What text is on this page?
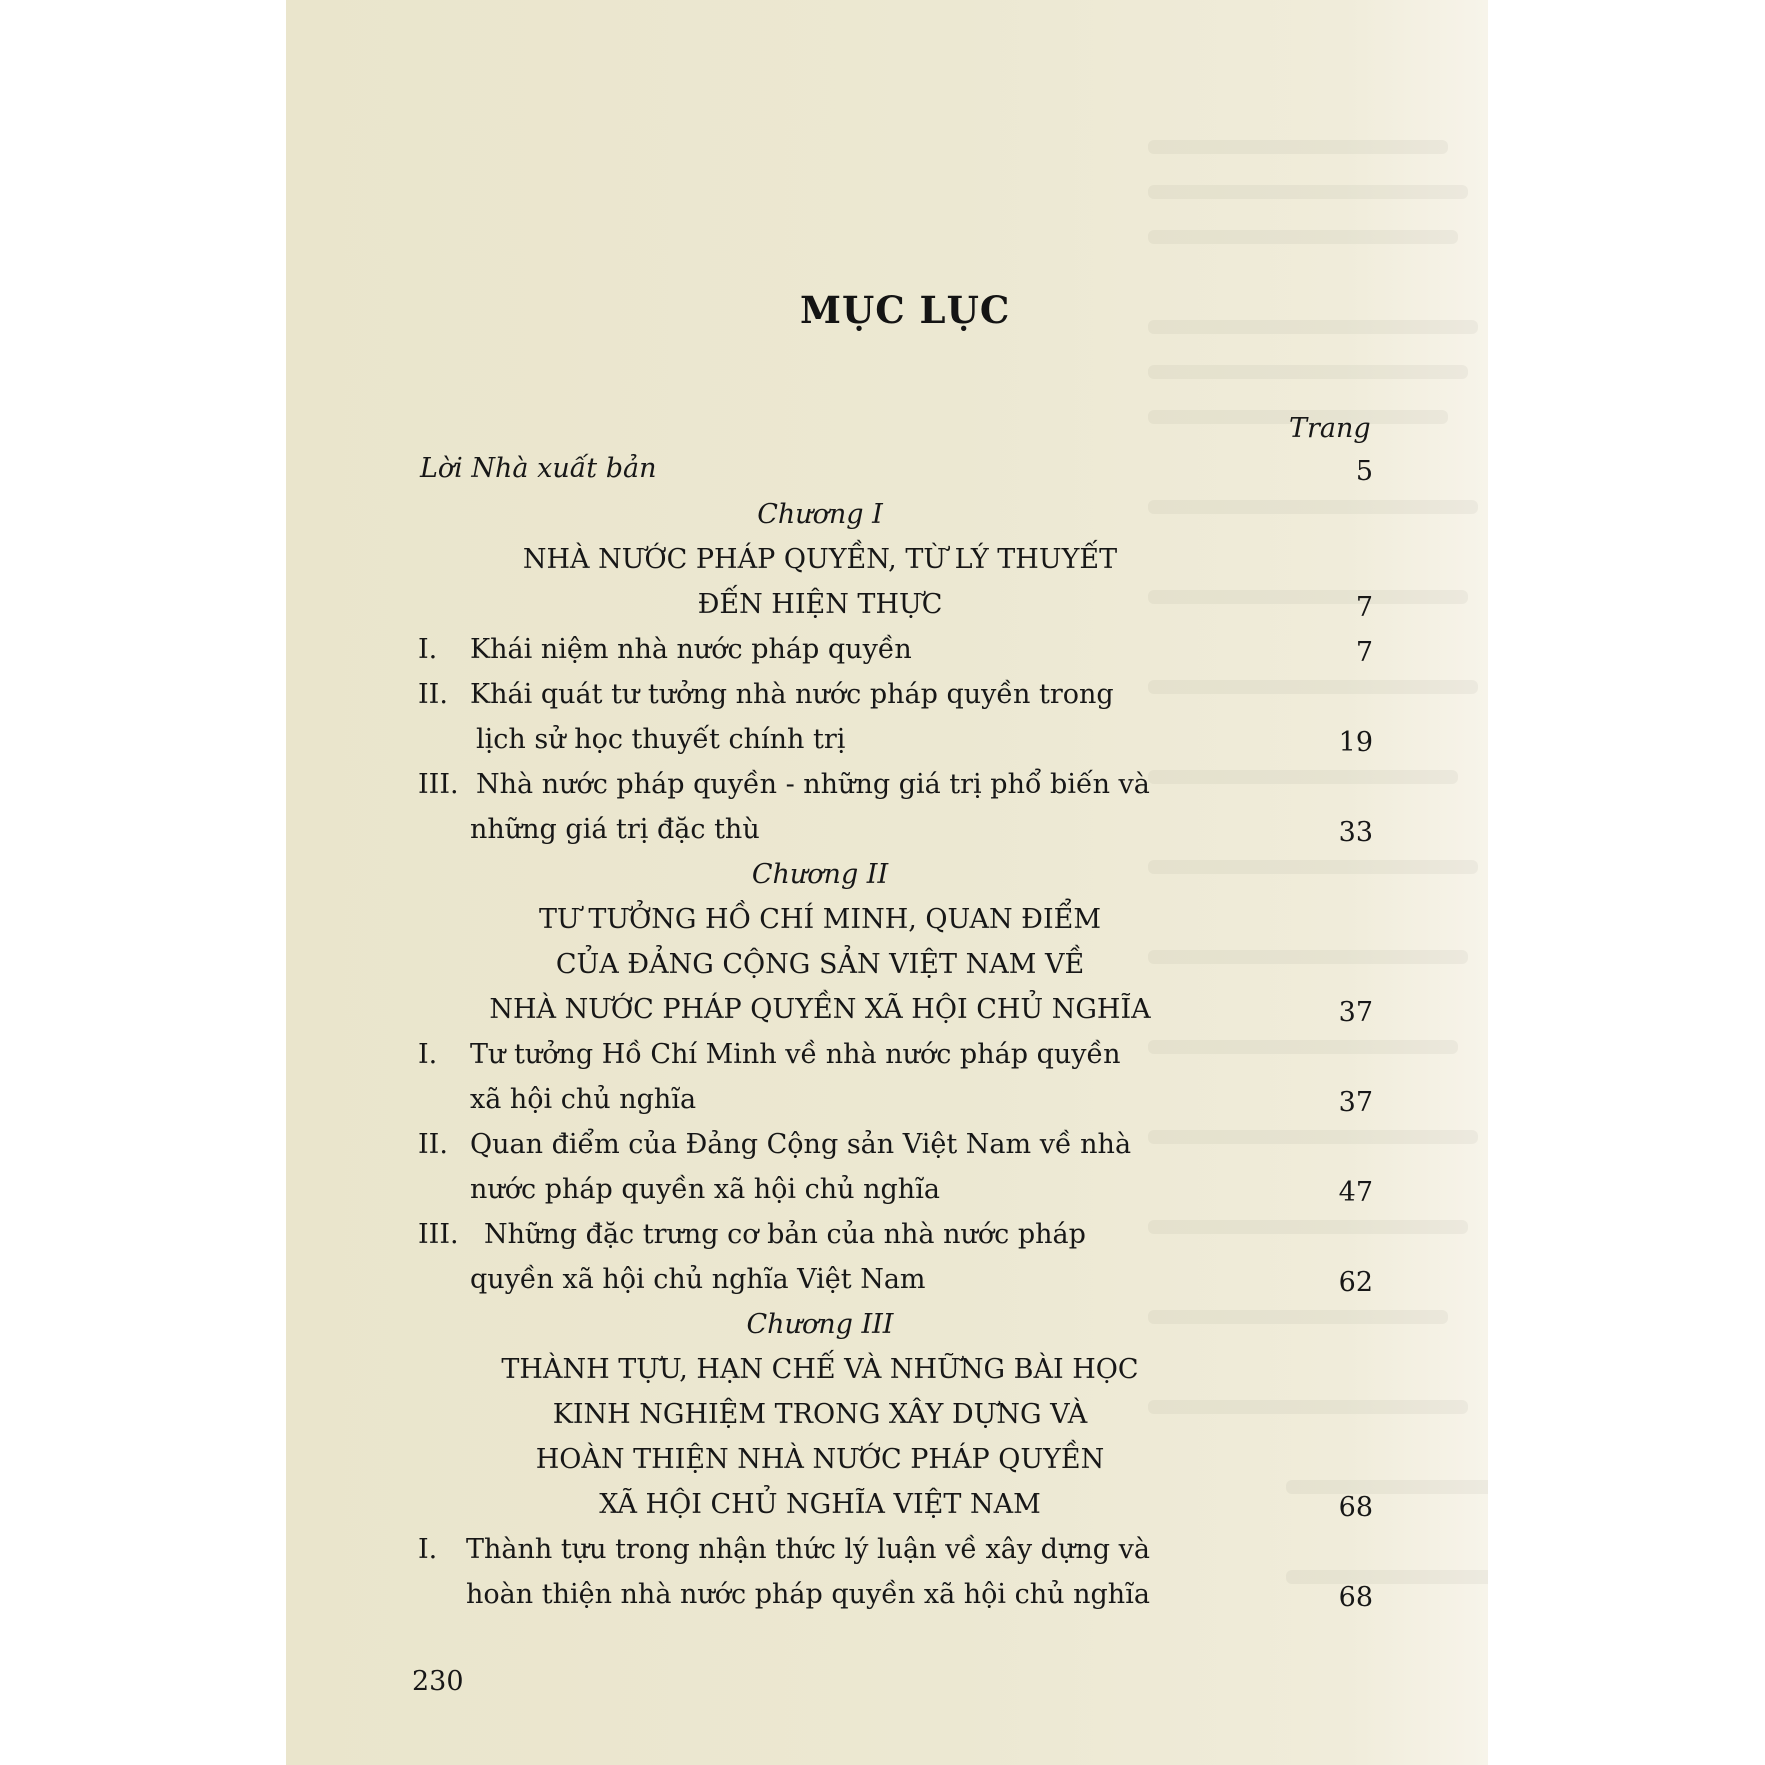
MỤC LỤC
Trang
Lời Nhà xuất bản	5
Chương I
NHÀ NƯỚC PHÁP QUYỀN, TỪ LÝ THUYẾT
ĐẾN HIỆN THỰC	7
I. Khái niệm nhà nước pháp quyền	7
II. Khái quát tư tưởng nhà nước pháp quyền trong
lịch sử học thuyết chính trị	19
III. Nhà nước pháp quyền - những giá trị phổ biến và
những giá trị đặc thù	33
Chương II
TƯ TƯỞNG HỒ CHÍ MINH, QUAN ĐIỂM
CỦA ĐẢNG CỘNG SẢN VIỆT NAM VỀ
NHÀ NƯỚC PHÁP QUYỀN XÃ HỘI CHỦ NGHĨA	37
I. Tư tưởng Hồ Chí Minh về nhà nước pháp quyền
xã hội chủ nghĩa	37
II. Quan điểm của Đảng Cộng sản Việt Nam về nhà
nước pháp quyền xã hội chủ nghĩa	47
III. Những đặc trưng cơ bản của nhà nước pháp
quyền xã hội chủ nghĩa Việt Nam	62
Chương III
THÀNH TỰU, HẠN CHẾ VÀ NHỮNG BÀI HỌC
KINH NGHIỆM TRONG XÂY DỰNG VÀ
HOÀN THIỆN NHÀ NƯỚC PHÁP QUYỀN
XÃ HỘI CHỦ NGHĨA VIỆT NAM	68
I. Thành tựu trong nhận thức lý luận về xây dựng và
hoàn thiện nhà nước pháp quyền xã hội chủ nghĩa	68
230
